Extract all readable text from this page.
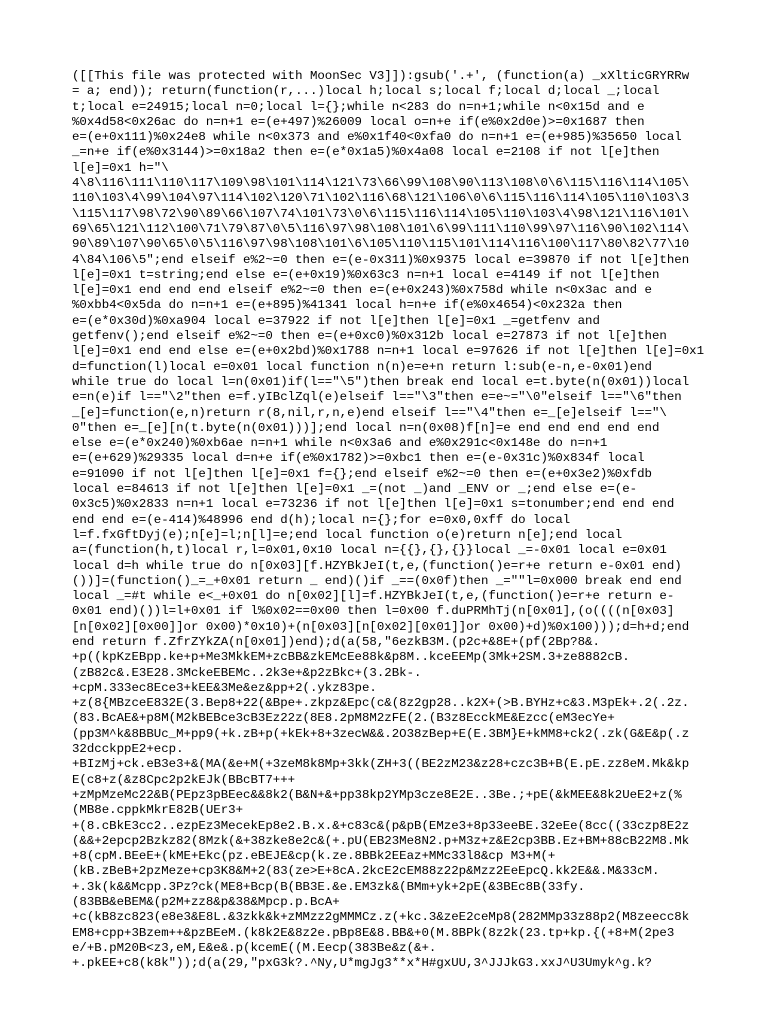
([[This file was protected with MoonSec V3]]):gsub('.+', (function(a) _xXlticGRYRRw
= a; end)); return(function(r,...)local h;local s;local f;local d;local _;local
t;local e=24915;local n=0;local l={};while n<283 do n=n+1;while n<0x15d and e
%0x4d58<0x26ac do n=n+1 e=(e+497)%26009 local o=n+e if(e%0x2d0e)>=0x1687 then
e=(e+0x111)%0x24e8 while n<0x373 and e%0x1f40<0xfa0 do n=n+1 e=(e+985)%35650 local
_=n+e if(e%0x3144)>=0x18a2 then e=(e*0x1a5)%0x4a08 local e=2108 if not l[e]then
l[e]=0x1 h="\
4\8\116\111\110\117\109\98\101\114\121\73\66\99\108\90\113\108\0\6\115\116\114\105\
110\103\4\99\104\97\114\102\120\71\102\116\68\121\106\0\6\115\116\114\105\110\103\3
\115\117\98\72\90\89\66\107\74\101\73\0\6\115\116\114\105\110\103\4\98\121\116\101\
69\65\121\112\100\71\79\87\0\5\116\97\98\108\101\6\99\111\110\99\97\116\90\102\114\
90\89\107\90\65\0\5\116\97\98\108\101\6\105\110\115\101\114\116\100\117\80\82\77\10
4\84\106\5";end elseif e%2~=0 then e=(e-0x311)%0x9375 local e=39870 if not l[e]then
l[e]=0x1 t=string;end else e=(e+0x19)%0x63c3 n=n+1 local e=4149 if not l[e]then
l[e]=0x1 end end end elseif e%2~=0 then e=(e+0x243)%0x758d while n<0x3ac and e
%0xbb4<0x5da do n=n+1 e=(e+895)%41341 local h=n+e if(e%0x4654)<0x232a then
e=(e*0x30d)%0xa904 local e=37922 if not l[e]then l[e]=0x1 _=getfenv and
getfenv();end elseif e%2~=0 then e=(e+0xc0)%0x312b local e=27873 if not l[e]then
l[e]=0x1 end end else e=(e+0x2bd)%0x1788 n=n+1 local e=97626 if not l[e]then l[e]=0x1
d=function(l)local e=0x01 local function n(n)e=e+n return l:sub(e-n,e-0x01)end
while true do local l=n(0x01)if(l=="\5")then break end local e=t.byte(n(0x01))local
e=n(e)if l=="\2"then e=f.yIBclZql(e)elseif l=="\3"then e=e~="\0"elseif l=="\6"then
_[e]=function(e,n)return r(8,nil,r,n,e)end elseif l=="\4"then e=_[e]elseif l=="\
0"then e=_[e][n(t.byte(n(0x01)))];end local n=n(0x08)f[n]=e end end end end end
else e=(e*0x240)%0xb6ae n=n+1 while n<0x3a6 and e%0x291c<0x148e do n=n+1
e=(e+629)%29335 local d=n+e if(e%0x1782)>=0xbc1 then e=(e-0x31c)%0x834f local
e=91090 if not l[e]then l[e]=0x1 f={};end elseif e%2~=0 then e=(e+0x3e2)%0xfdb
local e=84613 if not l[e]then l[e]=0x1 _=(not _)and _ENV or _;end else e=(e-
0x3c5)%0x2833 n=n+1 local e=73236 if not l[e]then l[e]=0x1 s=tonumber;end end end
end end e=(e-414)%48996 end d(h);local n={};for e=0x0,0xff do local
l=f.fxGftDyj(e);n[e]=l;n[l]=e;end local function o(e)return n[e];end local
a=(function(h,t)local r,l=0x01,0x10 local n={{},{},{}}local _=-0x01 local e=0x01
local d=h while true do n[0x03][f.HZYBkJeI(t,e,(function()e=r+e return e-0x01 end)
())]=(function()_=_+0x01 return _ end)()if _==(0x0f)then _=""l=0x000 break end end
local _=#t while e<_+0x01 do n[0x02][l]=f.HZYBkJeI(t,e,(function()e=r+e return e-
0x01 end)())l=l+0x01 if l%0x02==0x00 then l=0x00 f.duPRMhTj(n[0x01],(o((((n[0x03]
[n[0x02][0x00]]or 0x00)*0x10)+(n[0x03][n[0x02][0x01]]or 0x00)+d)%0x100)));d=h+d;end
end return f.ZfrZYkZA(n[0x01])end);d(a(58,"6ezkB3M.(p2c+&8E+(pf(2Bp?8&.
+p((kpKzEBpp.ke+p+Me3MkkEM+zcBB&zkEMcEe88k&p8M..kceEEMp(3Mk+2SM.3+ze8882cB.
(zB82c&.E3E28.3MckeEBEMc..2k3e+&p2zBkc+(3.2Bk-.
+cpM.333ec8Ece3+kEE&3Me&ez&pp+2(.ykz83pe.
+z(8{MBzceE832E(3.Bep8+22(&Bpe+.zkpz&Epc(c&(8z2gp28..k2X+(>B.BYHz+c&3.M3pEk+.2(.2z.
(83.BcAE&+p8M(M2kBEBce3cB3Ez22z(8E8.2pM8M2zFE(2.(B3z8EcckME&Ezcc(eM3ecYe+
(pp3M^k&8BBUc_M+pp9(+k.zB+p(+kEk+8+3zecW&&.2O38zBep+E(E.3BM}E+kMM8+ck2(.zk(G&E&p(.z
32dcckppE2+ecp.
+BIzMj+ck.eB3e3+&(MA(&e+M(+3zeM8k8Mp+3kk(ZH+3((BE2zM23&z28+czc3B+B(E.pE.zz8eM.Mk&kp
E(c8+z(&z8Cpc2p2kEJk(BBcBT7+++
+zMpMzeMc22&B(PEpz3pBEec&&8k2(B&N+&+pp38kp2YMp3cze8E2E..3Be.;+pE(&kMEE&8k2UeE2+z(%
(MB8e.cppkMkrE82B(UEr3+
+(8.cBkE3cc2..ezpEz3MecekEp8e2.B.x.&+c83c&(p&pB(EMze3+8p33eeBE.32eEe(8cc((33czp8E2z
(&&+2epcp2Bzkz82(8Mzk(&+38zke8e2c&(+.pU(EB23Me8N2.p+M3z+z&E2cp3BB.Ez+BM+88cB22M8.Mk
+8(cpM.BEeE+(kME+Ekc(pz.eBEJE&cp(k.ze.8BBk2EEaz+MMc33l8&cp M3+M(+
(kB.zBeB+2pzMeze+cp3K8&M+2(83(ze>E+8cA.2kcE2cEM88z22p&Mzz2EeEpcQ.kk2E&&.M&33cM.
+.3k(k&&Mcpp.3Pz?ck(ME8+Bcp(B(BB3E.&e.EM3zk&(BMm+yk+2pE(&3BEc8B(33fy.
(83BB&eBEM&(p2M+zz8&p&38&Mpcp.p.BcA+
+c(kB8zc823(e8e3&E8L.&3zkk&k+zMMzz2gMMMCz.z(+kc.3&zeE2ceMp8(282MMp33z88p2(M8zeecc8k
EM8+cpp+3Bzem++&pzBEeM.(k8k2E&8z2e.pBp8E&8.BB&+0(M.8BPk(8z2k(23.tp+kp.{(+8+M(2pe3
e/+B.pM20B<z3,eM,E&e&.p(kcemE((M.Eecp(383Be&z(&+.
+.pkEE+c8(k8k"));d(a(29,"pxG3k?.^Ny,U*mgJg3**x*H#gxUU,3^JJJkG3.xxJ^U3Umyk^g.k?
